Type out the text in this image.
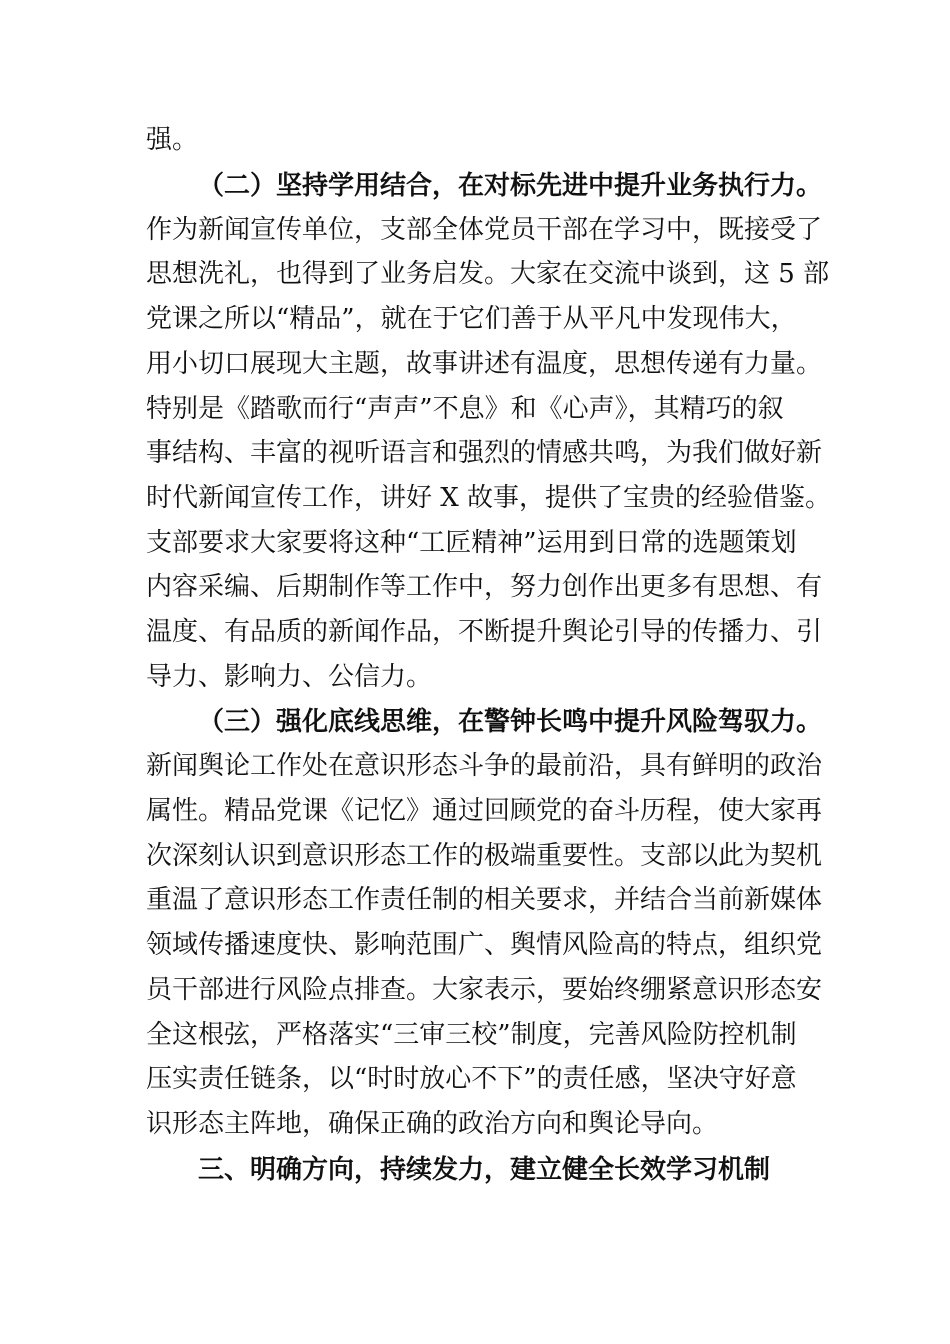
强。
（二）坚持学用结合，在对标先进中提升业务执行力。
作为新闻宣传单位，支部全体党员干部在学习中，既接受了
思想洗礼，也得到了业务启发。大家在交流中谈到，这 5 部
党课之所以“精品”，就在于它们善于从平凡中发现伟大，
用小切口展现大主题，故事讲述有温度，思想传递有力量。
特别是《踏歌而行“声声”不息》和《心声》，其精巧的叙
事结构、丰富的视听语言和强烈的情感共鸣，为我们做好新
时代新闻宣传工作，讲好 X 故事，提供了宝贵的经验借鉴。
支部要求大家要将这种“工匠精神”运用到日常的选题策划
内容采编、后期制作等工作中，努力创作出更多有思想、有
温度、有品质的新闻作品，不断提升舆论引导的传播力、引
导力、影响力、公信力。
（三）强化底线思维，在警钟长鸣中提升风险驾驭力。
新闻舆论工作处在意识形态斗争的最前沿，具有鲜明的政治
属性。精品党课《记忆》通过回顾党的奋斗历程，使大家再
次深刻认识到意识形态工作的极端重要性。支部以此为契机
重温了意识形态工作责任制的相关要求，并结合当前新媒体
领域传播速度快、影响范围广、舆情风险高的特点，组织党
员干部进行风险点排查。大家表示，要始终绷紧意识形态安
全这根弦，严格落实“三审三校”制度，完善风险防控机制
压实责任链条，以“时时放心不下”的责任感，坚决守好意
识形态主阵地，确保正确的政治方向和舆论导向。
三、明确方向，持续发力，建立健全长效学习机制
